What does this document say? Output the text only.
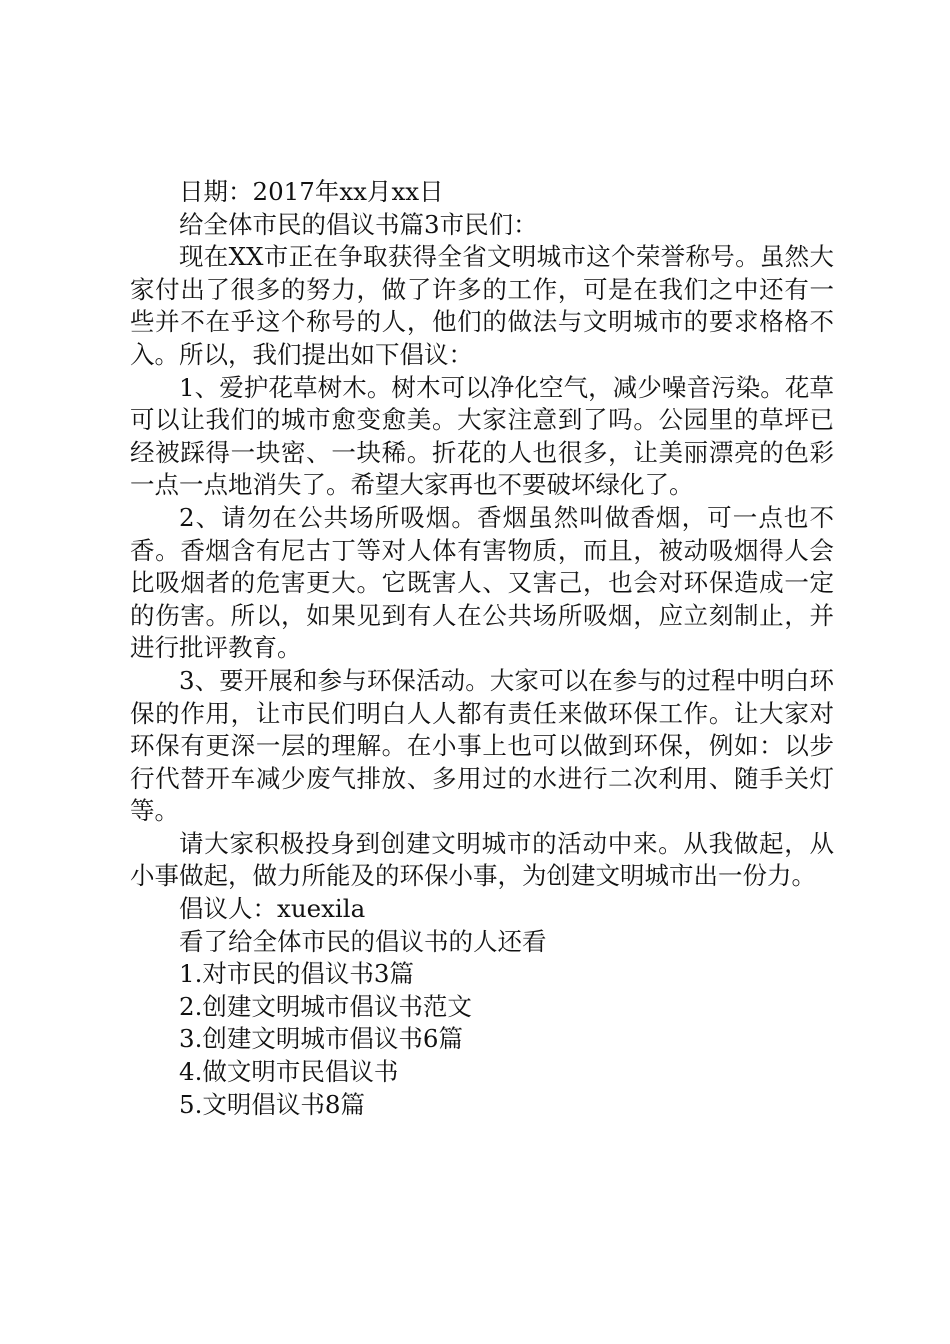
日期：2017年xx月xx日
给全体市民的倡议书篇3市民们：
现在XX市正在争取获得全省文明城市这个荣誉称号。虽然大家付出了很多的努力，做了许多的工作，可是在我们之中还有一些并不在乎这个称号的人，他们的做法与文明城市的要求格格不入。所以，我们提出如下倡议：
1、爱护花草树木。树木可以净化空气，减少噪音污染。花草可以让我们的城市愈变愈美。大家注意到了吗。公园里的草坪已经被踩得一块密、一块稀。折花的人也很多，让美丽漂亮的色彩一点一点地消失了。希望大家再也不要破坏绿化了。
2、请勿在公共场所吸烟。香烟虽然叫做香烟，可一点也不香。香烟含有尼古丁等对人体有害物质，而且，被动吸烟得人会比吸烟者的危害更大。它既害人、又害己，也会对环保造成一定的伤害。所以，如果见到有人在公共场所吸烟，应立刻制止，并进行批评教育。
3、要开展和参与环保活动。大家可以在参与的过程中明白环保的作用，让市民们明白人人都有责任来做环保工作。让大家对环保有更深一层的理解。在小事上也可以做到环保，例如：以步行代替开车减少废气排放、多用过的水进行二次利用、随手关灯等。
请大家积极投身到创建文明城市的活动中来。从我做起，从小事做起，做力所能及的环保小事，为创建文明城市出一份力。
倡议人：xuexila
看了给全体市民的倡议书的人还看
1.对市民的倡议书3篇
2.创建文明城市倡议书范文
3.创建文明城市倡议书6篇
4.做文明市民倡议书
5.文明倡议书8篇
